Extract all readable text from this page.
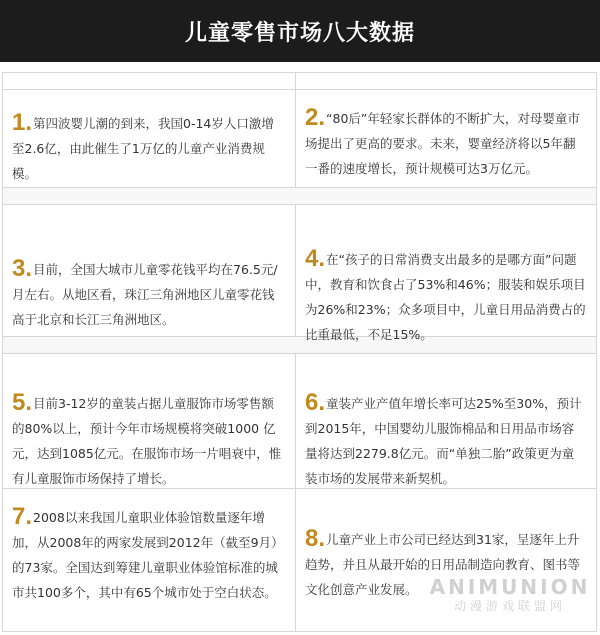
儿童零售市场八大数据
1.第四波婴儿潮的到来，我国0-14岁人口激增至2.6亿，由此催生了1万亿的儿童产业消费规模。
2.“80后”年轻家长群体的不断扩大，对母婴童市场提出了更高的要求。未来，婴童经济将以5年翻一番的速度增长，预计规模可达3万亿元。
3.目前，全国大城市儿童零花钱平均在76.5元/月左右。从地区看，珠江三角洲地区儿童零花钱高于北京和长江三角洲地区。
4.在“孩子的日常消费支出最多的是哪方面”问题中，教育和饮食占了53%和46%；服装和娱乐项目为26%和23%；众多项目中，儿童日用品消费占的比重最低，不足15%。
5.目前3-12岁的童装占据儿童服饰市场零售额的80%以上，预计今年市场规模将突破1000 亿元，达到1085亿元。在服饰市场一片唱衰中，惟有儿童服饰市场保持了增长。
6.童装产业产值年增长率可达25%至30%，预计到2015年，中国婴幼儿服饰棉品和日用品市场容量将达到2279.8亿元。而“单独二胎”政策更为童装市场的发展带来新契机。
7.2008以来我国儿童职业体验馆数量逐年增加，从2008年的两家发展到2012年（截至9月）的73家。全国达到筹建儿童职业体验馆标准的城市共100多个，其中有65个城市处于空白状态。
8.儿童产业上市公司已经达到31家，呈逐年上升趋势，并且从最开始的日用品制造向教育、图书等文化创意产业发展。 ANIMUNION
动漫游戏联盟网
